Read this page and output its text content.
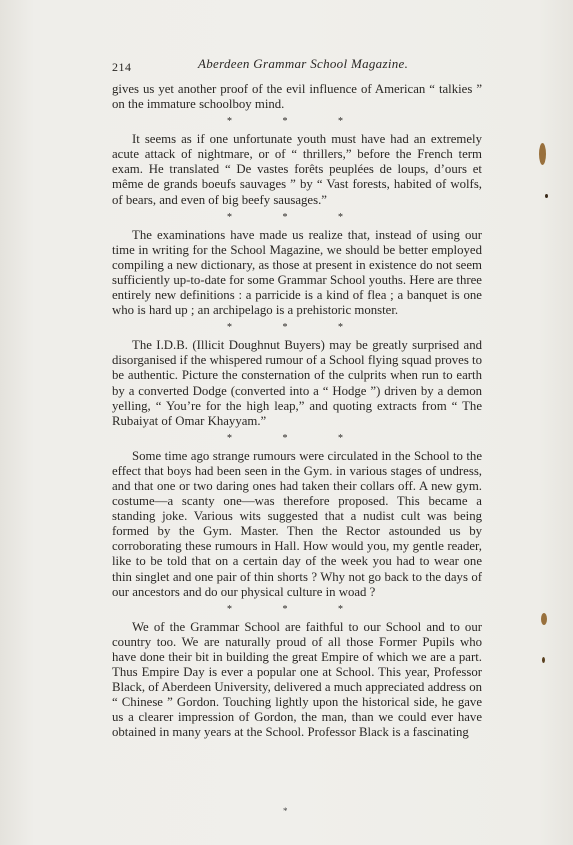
214	Aberdeen Grammar School Magazine.

gives us yet another proof of the evil influence of American “ talkies ” on the immature schoolboy mind.

* * *

It seems as if one unfortunate youth must have had an extremely acute attack of nightmare, or of “ thrillers,” before the French term exam. He translated “ De vastes forêts peuplées de loups, d’ours et même de grands boeufs sauvages ” by “ Vast forests, habited of wolfs, of bears, and even of big beefy sausages.”

* * *

The examinations have made us realize that, instead of using our time in writing for the School Magazine, we should be better employed compiling a new dictionary, as those at present in existence do not seem sufficiently up-to-date for some Grammar School youths. Here are three entirely new definitions : a parricide is a kind of flea ; a banquet is one who is hard up ; an archipelago is a prehistoric monster.

* * *

The I.D.B. (Illicit Doughnut Buyers) may be greatly surprised and disorganised if the whispered rumour of a School flying squad proves to be authentic. Picture the consternation of the culprits when run to earth by a converted Dodge (converted into a “ Hodge ”) driven by a demon yelling, “ You’re for the high leap,” and quoting extracts from “ The Rubaiyat of Omar Khayyam.”

* * *

Some time ago strange rumours were circulated in the School to the effect that boys had been seen in the Gym. in various stages of undress, and that one or two daring ones had taken their collars off. A new gym. costume—a scanty one—was therefore proposed. This became a standing joke. Various wits suggested that a nudist cult was being formed by the Gym. Master. Then the Rector astounded us by corroborating these rumours in Hall. How would you, my gentle reader, like to be told that on a certain day of the week you had to wear one thin singlet and one pair of thin shorts ? Why not go back to the days of our ancestors and do our physical culture in woad ?

* * *

We of the Grammar School are faithful to our School and to our country too. We are naturally proud of all those Former Pupils who have done their bit in building the great Empire of which we are a part. Thus Empire Day is ever a popular one at School. This year, Professor Black, of Aberdeen University, delivered a much appreciated address on “ Chinese ” Gordon. Touching lightly upon the historical side, he gave us a clearer impression of Gordon, the man, than we could ever have obtained in many years at the School. Professor Black is a fascinating

*
